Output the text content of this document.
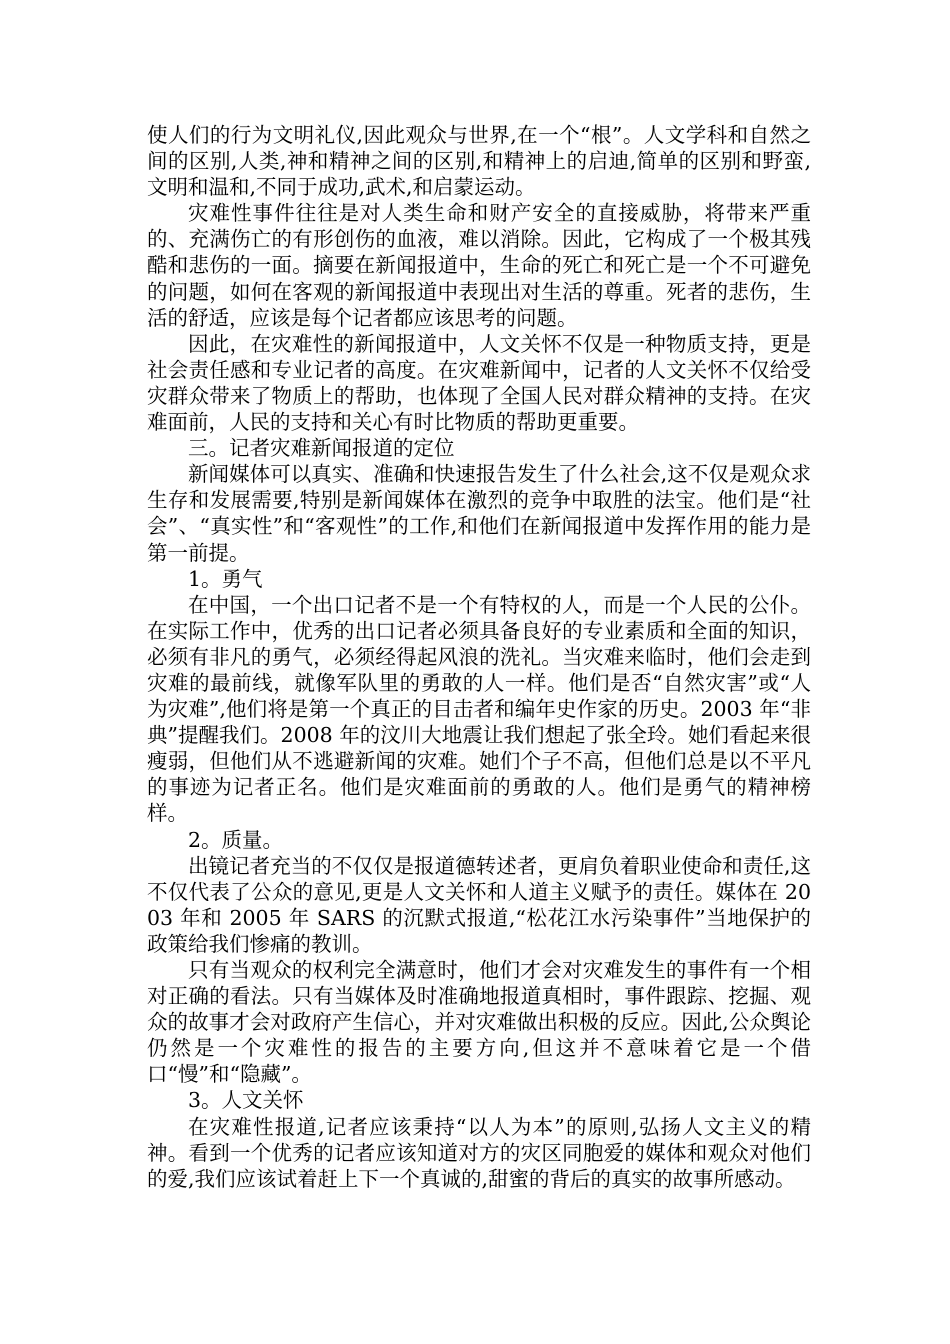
使人们的行为文明礼仪,因此观众与世界,在一个“根”。人文学科和自然之间的区别,人类,神和精神之间的区别,和精神上的启迪,简单的区别和野蛮,文明和温和,不同于成功,武术,和启蒙运动。

灾难性事件往往是对人类生命和财产安全的直接威胁，将带来严重的、充满伤亡的有形创伤的血液，难以消除。因此，它构成了一个极其残酷和悲伤的一面。摘要在新闻报道中，生命的死亡和死亡是一个不可避免的问题，如何在客观的新闻报道中表现出对生活的尊重。死者的悲伤，生活的舒适，应该是每个记者都应该思考的问题。

因此，在灾难性的新闻报道中，人文关怀不仅是一种物质支持，更是社会责任感和专业记者的高度。在灾难新闻中，记者的人文关怀不仅给受灾群众带来了物质上的帮助，也体现了全国人民对群众精神的支持。在灾难面前，人民的支持和关心有时比物质的帮助更重要。

三。记者灾难新闻报道的定位

新闻媒体可以真实、准确和快速报告发生了什么社会,这不仅是观众求生存和发展需要,特别是新闻媒体在激烈的竞争中取胜的法宝。他们是“社会”、“真实性”和“客观性”的工作,和他们在新闻报道中发挥作用的能力是第一前提。

1。勇气

在中国，一个出口记者不是一个有特权的人，而是一个人民的公仆。在实际工作中，优秀的出口记者必须具备良好的专业素质和全面的知识，必须有非凡的勇气，必须经得起风浪的洗礼。当灾难来临时，他们会走到灾难的最前线，就像军队里的勇敢的人一样。他们是否“自然灾害”或“人为灾难”,他们将是第一个真正的目击者和编年史作家的历史。2003 年“非典”提醒我们。2008 年的汶川大地震让我们想起了张全玲。她们看起来很瘦弱，但他们从不逃避新闻的灾难。她们个子不高，但他们总是以不平凡的事迹为记者正名。他们是灾难面前的勇敢的人。他们是勇气的精神榜样。

2。质量。

出镜记者充当的不仅仅是报道德转述者，更肩负着职业使命和责任,这不仅代表了公众的意见,更是人文关怀和人道主义赋予的责任。媒体在 2003 年和 2005 年 SARS 的沉默式报道,“松花江水污染事件”当地保护的政策给我们惨痛的教训。

只有当观众的权利完全满意时，他们才会对灾难发生的事件有一个相对正确的看法。只有当媒体及时准确地报道真相时，事件跟踪、挖掘、观众的故事才会对政府产生信心，并对灾难做出积极的反应。因此,公众舆论仍然是一个灾难性的报告的主要方向,但这并不意味着它是一个借口“慢”和“隐藏”。

3。人文关怀

在灾难性报道,记者应该秉持“以人为本”的原则,弘扬人文主义的精神。看到一个优秀的记者应该知道对方的灾区同胞爱的媒体和观众对他们的爱,我们应该试着赶上下一个真诚的,甜蜜的背后的真实的故事所感动。
